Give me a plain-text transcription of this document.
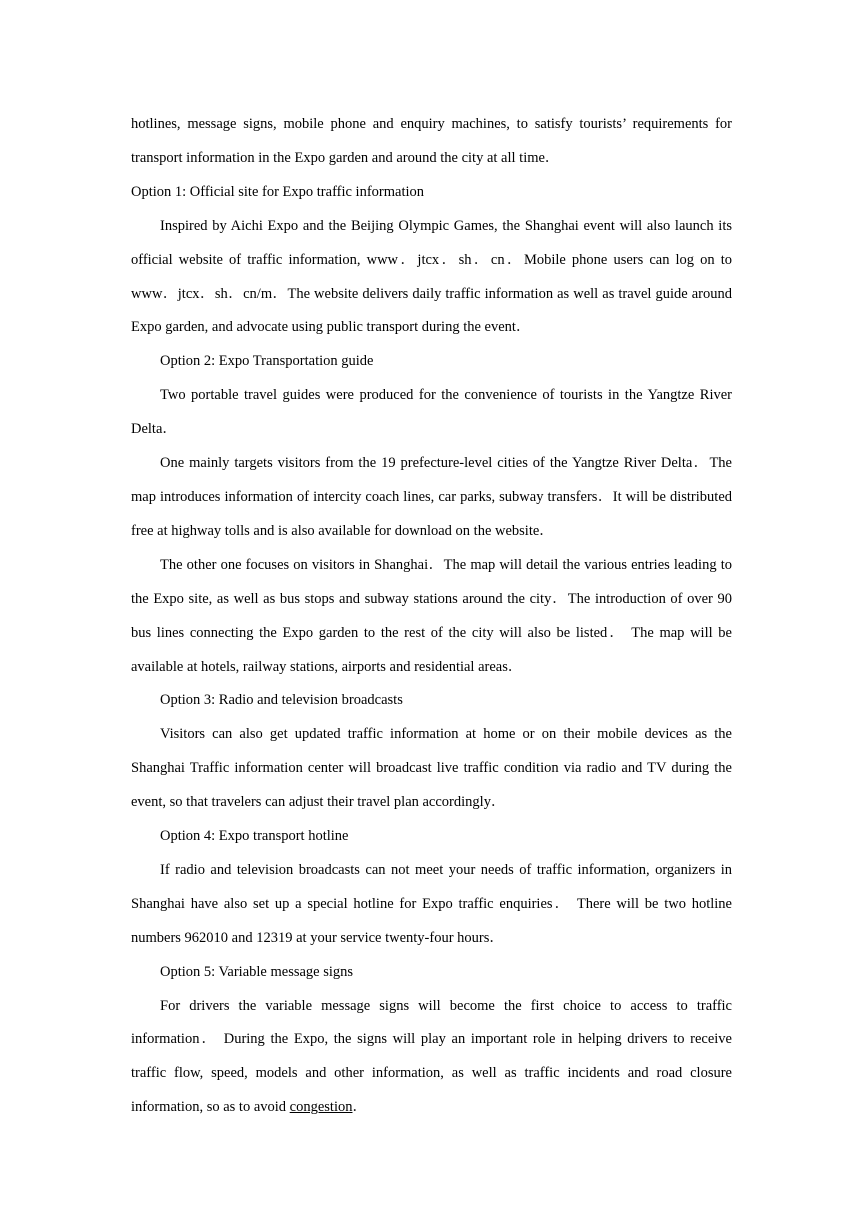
hotlines, message signs, mobile phone and enquiry machines, to satisfy tourists’ requirements for transport information in the Expo garden and around the city at all time．

Option 1: Official site for Expo traffic information

Inspired by Aichi Expo and the Beijing Olympic Games, the Shanghai event will also launch its official website of traffic information, www．jtcx．sh．cn．Mobile phone users can log on to www．jtcx．sh．cn/m．The website delivers daily traffic information as well as travel guide around Expo garden, and advocate using public transport during the event．

Option 2: Expo Transportation guide

Two portable travel guides were produced for the convenience of tourists in the Yangtze River Delta．

One mainly targets visitors from the 19 prefecture-level cities of the Yangtze River Delta．The map introduces information of intercity coach lines, car parks, subway transfers．It will be distributed free at highway tolls and is also available for download on the website．

The other one focuses on visitors in Shanghai．The map will detail the various entries leading to the Expo site, as well as bus stops and subway stations around the city．The introduction of over 90 bus lines connecting the Expo garden to the rest of the city will also be listed． The map will be available at hotels, railway stations, airports and residential areas．

Option 3: Radio and television broadcasts

Visitors can also get updated traffic information at home or on their mobile devices as the Shanghai Traffic information center will broadcast live traffic condition via radio and TV during the event, so that travelers can adjust their travel plan accordingly．

Option 4: Expo transport hotline

If radio and television broadcasts can not meet your needs of traffic information, organizers in Shanghai have also set up a special hotline for Expo traffic enquiries． There will be two hotline numbers 962010 and 12319 at your service twenty-four hours．

Option 5: Variable message signs

For drivers the variable message signs will become the first choice to access to traffic information． During the Expo, the signs will play an important role in helping drivers to receive traffic flow, speed, models and other information, as well as traffic incidents and road closure information, so as to avoid congestion．
